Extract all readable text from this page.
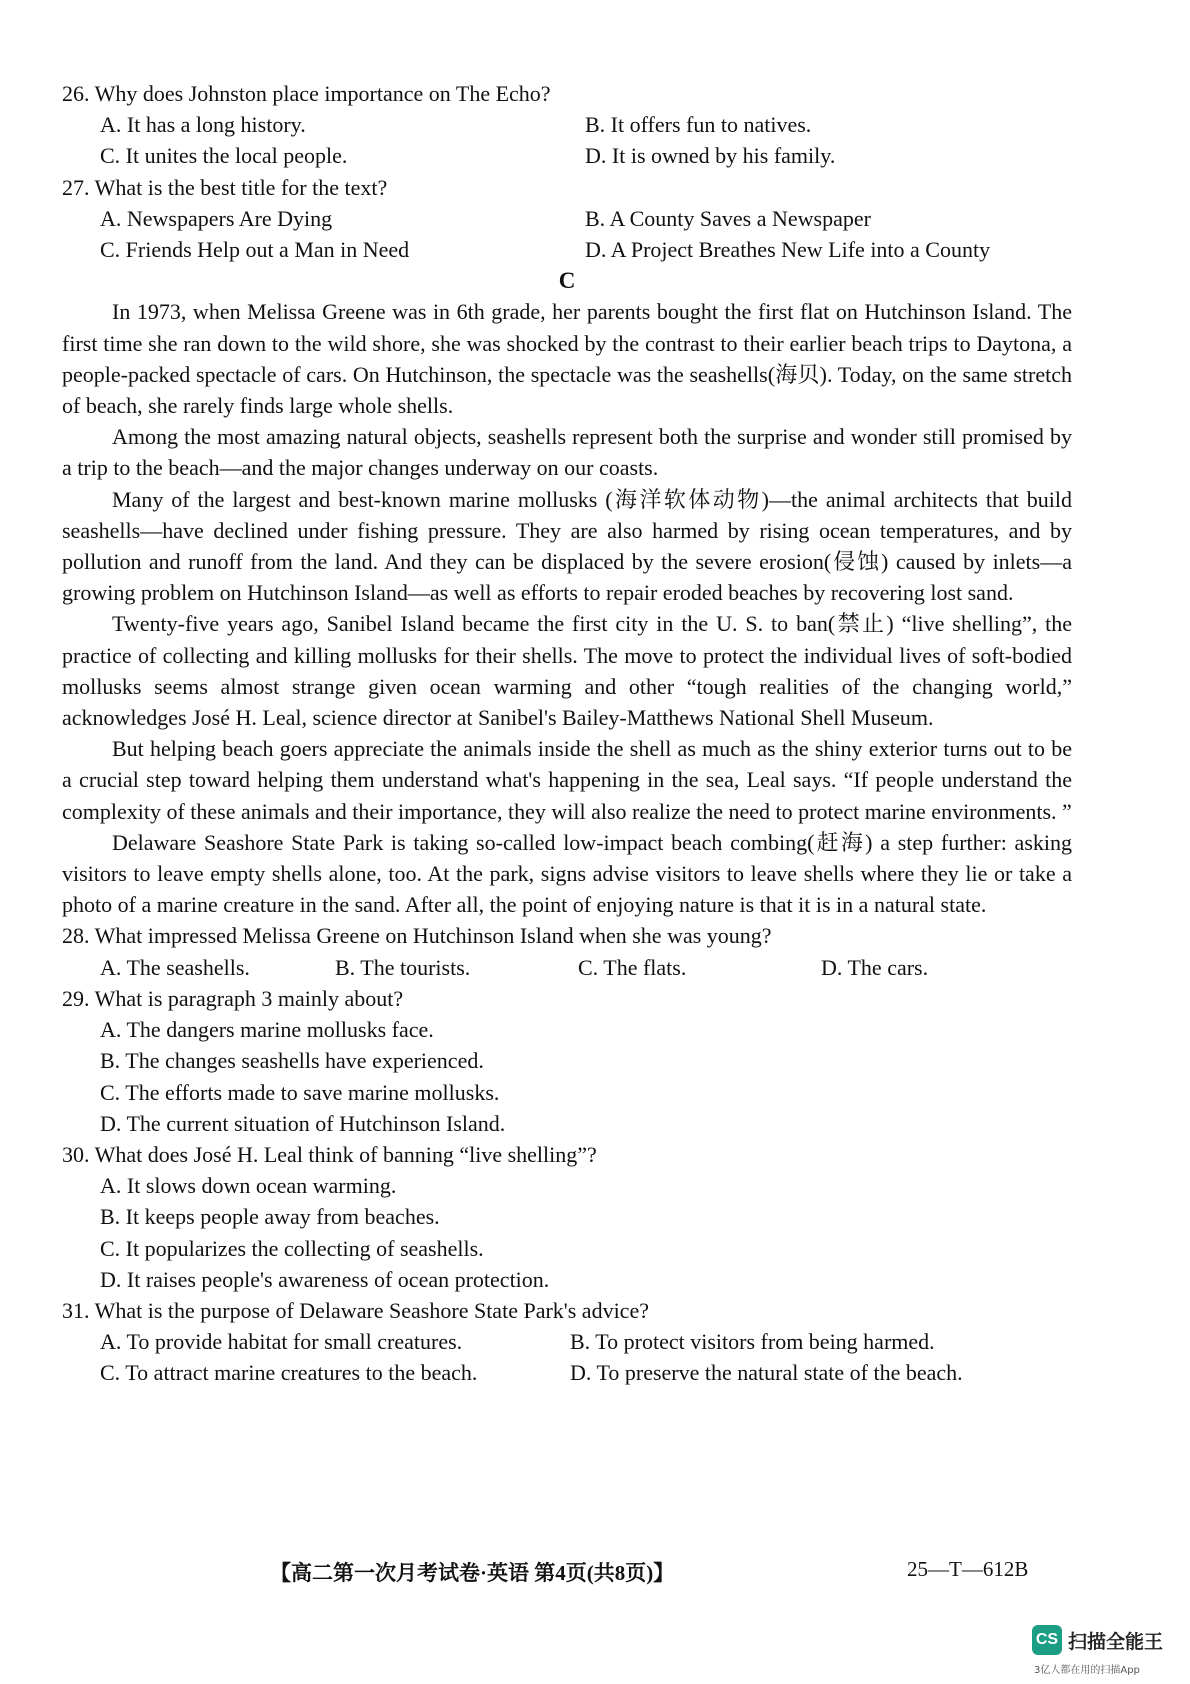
26. Why does Johnston place importance on The Echo?
A. It has a long history.	B. It offers fun to natives.
C. It unites the local people.	D. It is owned by his family.
27. What is the best title for the text?
A. Newspapers Are Dying	B. A County Saves a Newspaper
C. Friends Help out a Man in Need	D. A Project Breathes New Life into a County

C

In 1973, when Melissa Greene was in 6th grade, her parents bought the first flat on Hutchinson Island. The first time she ran down to the wild shore, she was shocked by the contrast to their earlier beach trips to Daytona, a people-packed spectacle of cars. On Hutchinson, the spectacle was the seashells(海贝). Today, on the same stretch of beach, she rarely finds large whole shells.

Among the most amazing natural objects, seashells represent both the surprise and wonder still promised by a trip to the beach—and the major changes underway on our coasts.

Many of the largest and best-known marine mollusks (海洋软体动物)—the animal architects that build seashells—have declined under fishing pressure. They are also harmed by rising ocean temperatures, and by pollution and runoff from the land. And they can be displaced by the severe erosion(侵蚀) caused by inlets—a growing problem on Hutchinson Island—as well as efforts to repair eroded beaches by recovering lost sand.

Twenty-five years ago, Sanibel Island became the first city in the U. S. to ban(禁止) “live shelling”, the practice of collecting and killing mollusks for their shells. The move to protect the individual lives of soft-bodied mollusks seems almost strange given ocean warming and other “tough realities of the changing world,” acknowledges José H. Leal, science director at Sanibel's Bailey-Matthews National Shell Museum.

But helping beach goers appreciate the animals inside the shell as much as the shiny exterior turns out to be a crucial step toward helping them understand what's happening in the sea, Leal says. “If people understand the complexity of these animals and their importance, they will also realize the need to protect marine environments. ”

Delaware Seashore State Park is taking so-called low-impact beach combing(赶海) a step further: asking visitors to leave empty shells alone, too. At the park, signs advise visitors to leave shells where they lie or take a photo of a marine creature in the sand. After all, the point of enjoying nature is that it is in a natural state.

28. What impressed Melissa Greene on Hutchinson Island when she was young?
A. The seashells.	B. The tourists.	C. The flats.	D. The cars.
29. What is paragraph 3 mainly about?
A. The dangers marine mollusks face.
B. The changes seashells have experienced.
C. The efforts made to save marine mollusks.
D. The current situation of Hutchinson Island.
30. What does José H. Leal think of banning “live shelling”?
A. It slows down ocean warming.
B. It keeps people away from beaches.
C. It popularizes the collecting of seashells.
D. It raises people's awareness of ocean protection.
31. What is the purpose of Delaware Seashore State Park's advice?
A. To provide habitat for small creatures.	B. To protect visitors from being harmed.
C. To attract marine creatures to the beach.	D. To preserve the natural state of the beach.
【高二第一次月考试卷·英语 第4页(共8页)】	25—T—612B
CS 扫描全能王
3亿人都在用的扫描App
